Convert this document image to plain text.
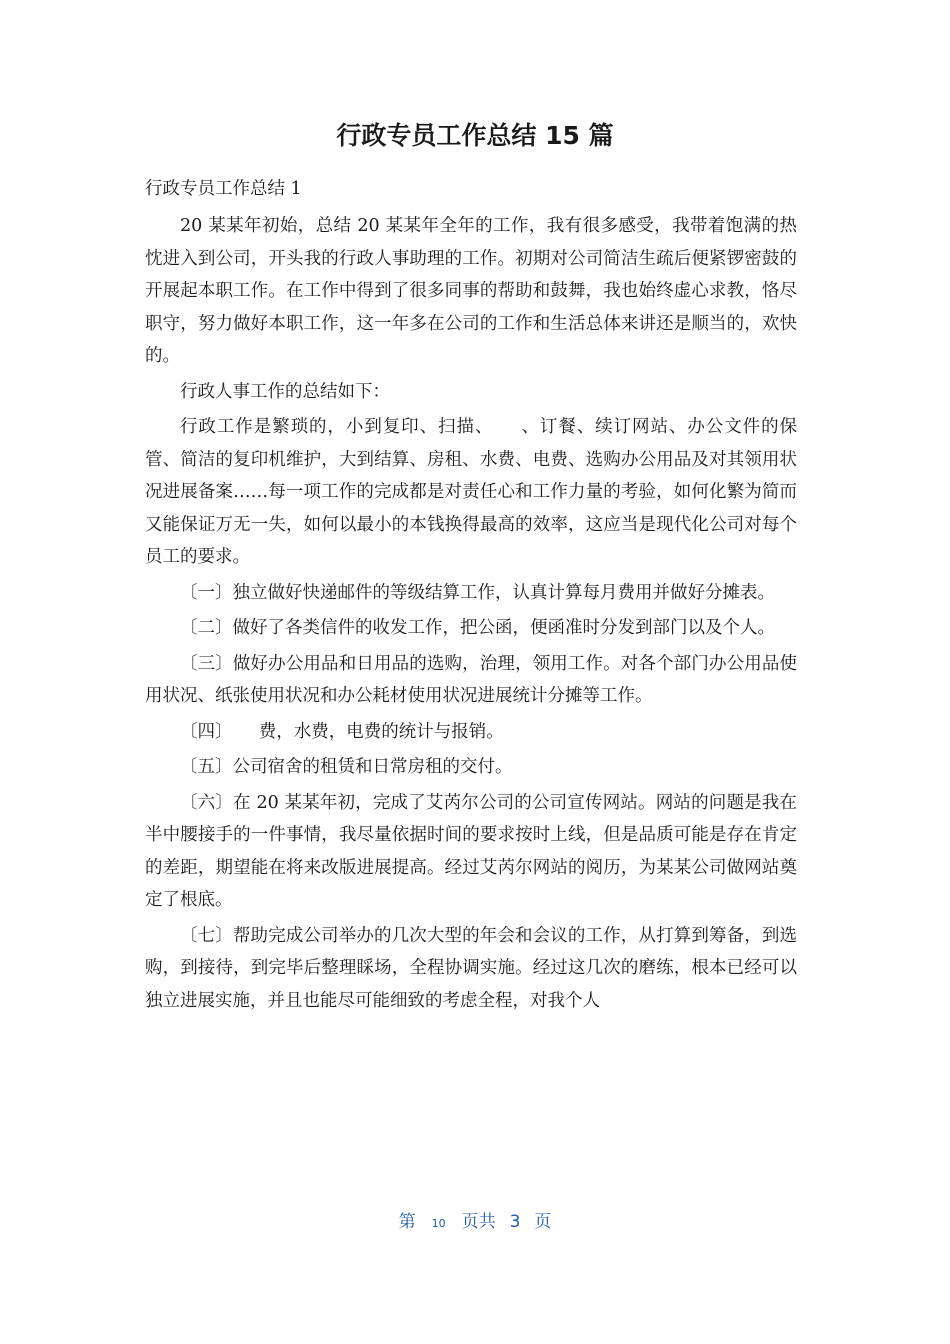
行政专员工作总结 15 篇

行政专员工作总结 1

20 某某年初始，总结 20 某某年全年的工作，我有很多感受，我带着饱满的热忱进入到公司，开头我的行政人事助理的工作。初期对公司简洁生疏后便紧锣密鼓的开展起本职工作。在工作中得到了很多同事的帮助和鼓舞，我也始终虚心求教，恪尽职守，努力做好本职工作，这一年多在公司的工作和生活总体来讲还是顺当的，欢快的。

行政人事工作的总结如下：

行政工作是繁琐的，小到复印、扫描、　　、订餐、续订网站、办公文件的保管、简洁的复印机维护，大到结算、房租、水费、电费、选购办公用品及对其领用状况进展备案……每一项工作的完成都是对责任心和工作力量的考验，如何化繁为简而又能保证万无一失，如何以最小的本钱换得最高的效率，这应当是现代化公司对每个员工的要求。

〔一〕独立做好快递邮件的等级结算工作，认真计算每月费用并做好分摊表。

〔二〕做好了各类信件的收发工作，把公函，便函准时分发到部门以及个人。

〔三〕做好办公用品和日用品的选购，治理，领用工作。对各个部门办公用品使用状况、纸张使用状况和办公耗材使用状况进展统计分摊等工作。

〔四〕　　费，水费，电费的统计与报销。

〔五〕公司宿舍的租赁和日常房租的交付。

〔六〕在 20 某某年初，完成了艾芮尔公司的公司宣传网站。网站的问题是我在半中腰接手的一件事情，我尽量依据时间的要求按时上线，但是品质可能是存在肯定的差距，期望能在将来改版进展提高。经过艾芮尔网站的阅历，为某某公司做网站奠定了根底。

〔七〕帮助完成公司举办的几次大型的年会和会议的工作，从打算到筹备，到选购，到接待，到完毕后整理睬场，全程协调实施。经过这几次的磨练，根本已经可以独立进展实施，并且也能尽可能细致的考虑全程，对我个人

第 10 页共 3 页
